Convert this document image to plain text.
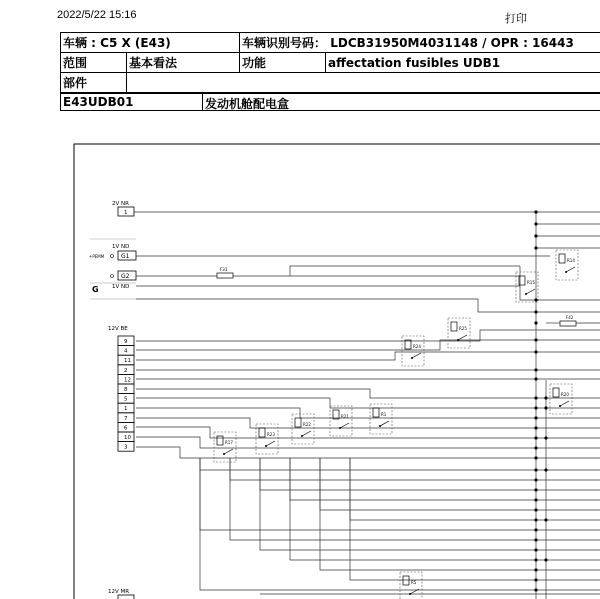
2022/5/22 15:16	打印
车辆 : C5 X (E43)		车辆识别号码： LDCB31950M4031148 / OPR : 16443	
范围	基本看法	功能	affectation fusibles UDB1
部件			
E43UDB01	发动机舱配电盒
2V NR
1
1V ND
G1
+PEMM
G2
1V ND
G
12V BE
9
4
11
2
12
8
5
1
7
6
10
3
12V MR
F31
F42
R14
R15
R25
R24
R1
R21
R22
R23
R17
R20
R5
